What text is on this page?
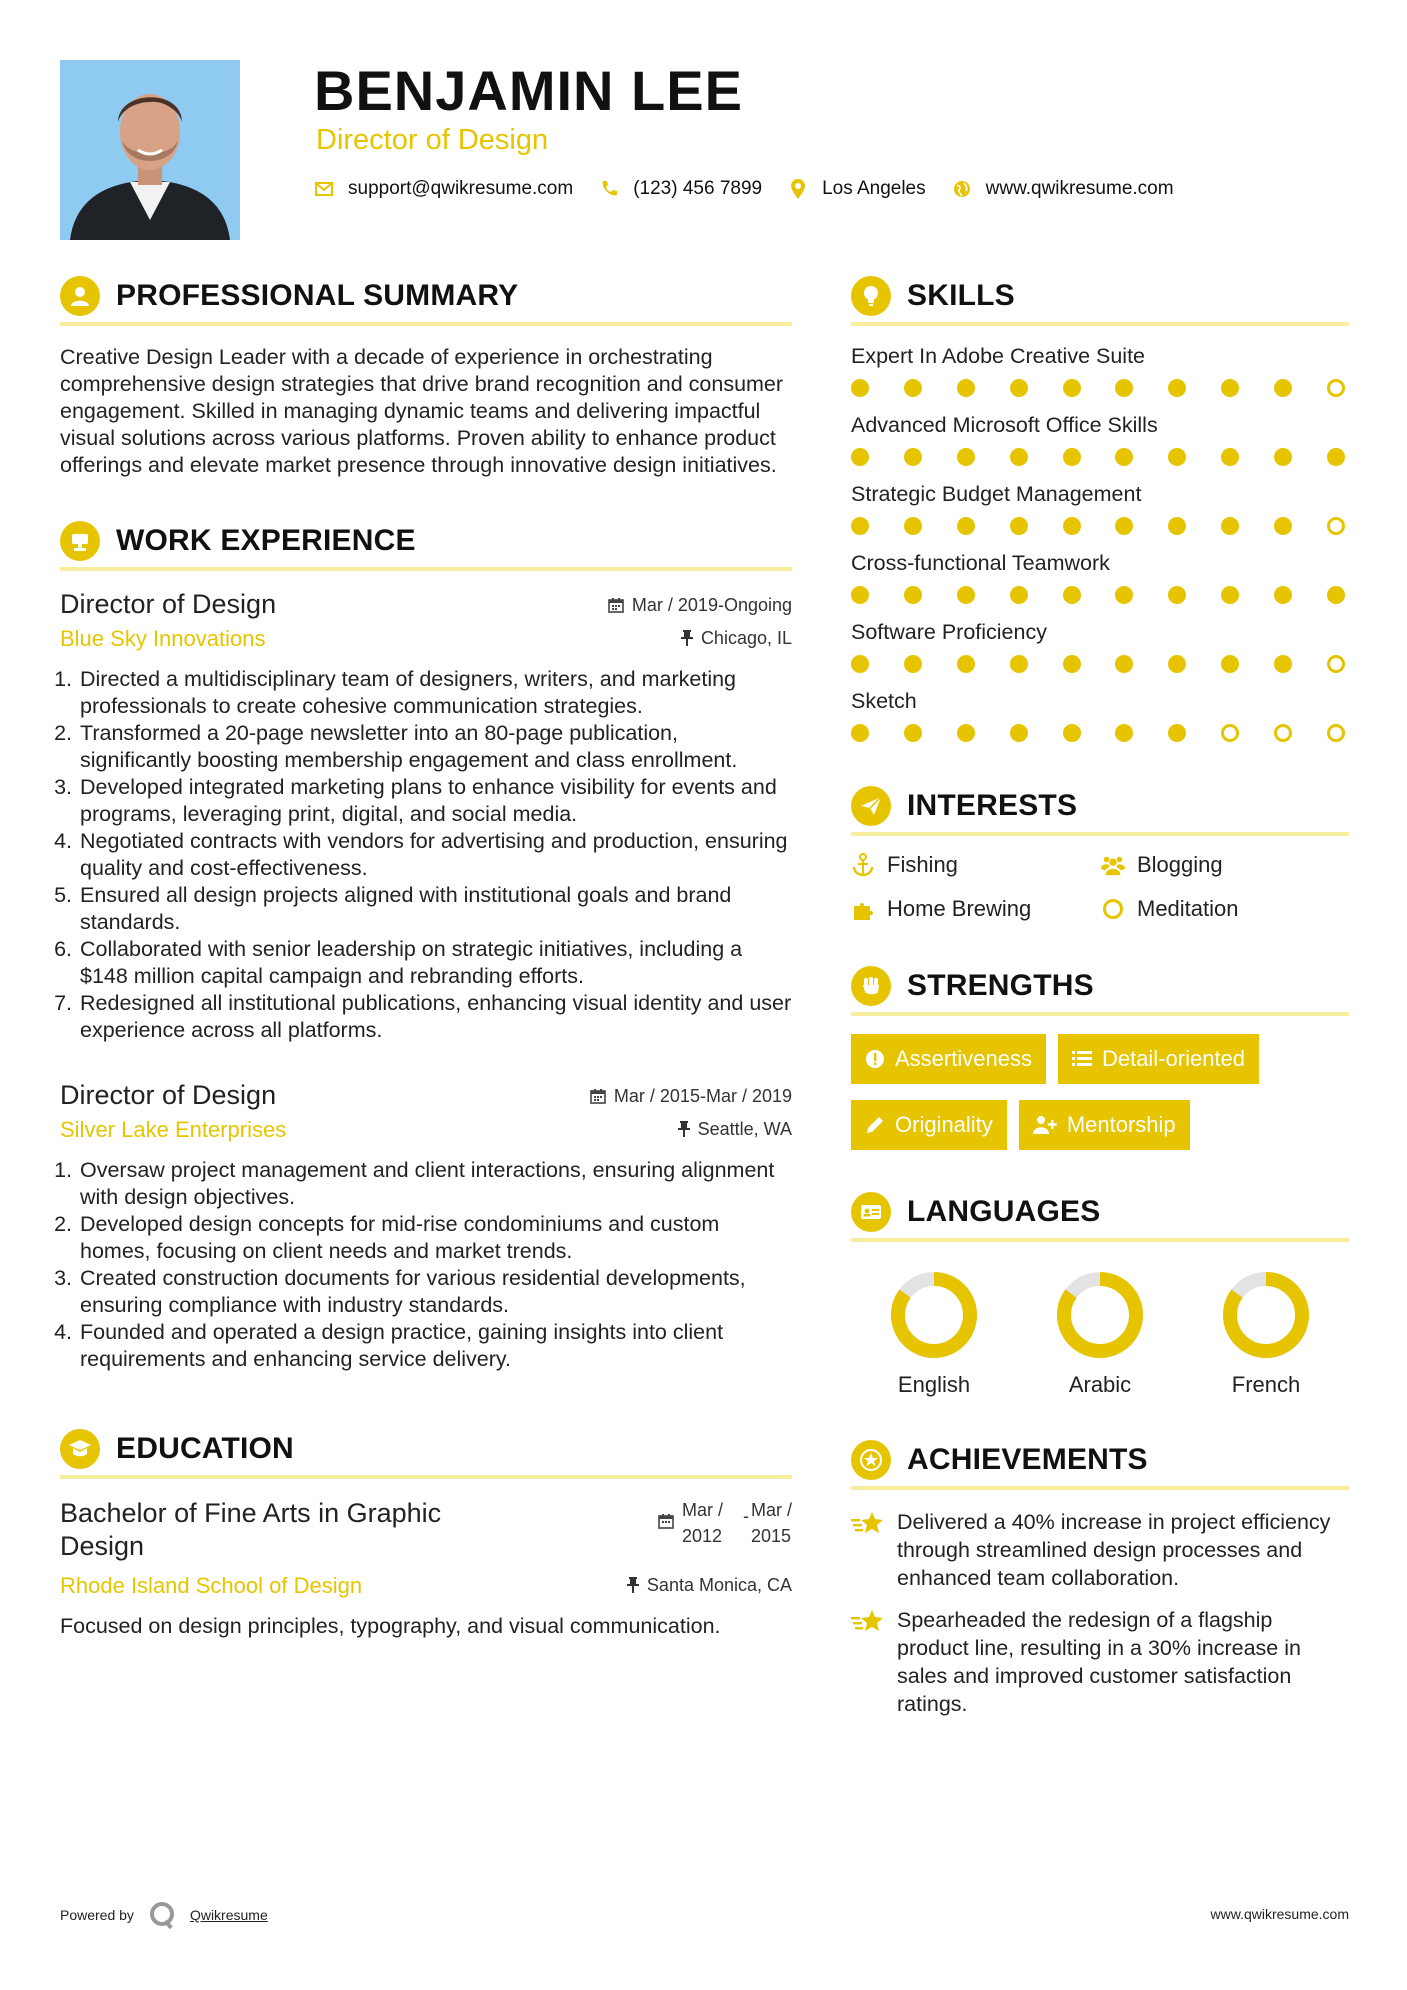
BENJAMIN LEE
Director of Design
support@qwikresume.com	(123) 456 7899	Los Angeles	www.qwikresume.com
PROFESSIONAL SUMMARY
Creative Design Leader with a decade of experience in orchestrating comprehensive design strategies that drive brand recognition and consumer engagement. Skilled in managing dynamic teams and delivering impactful visual solutions across various platforms. Proven ability to enhance product offerings and elevate market presence through innovative design initiatives.
WORK EXPERIENCE
Director of Design	Mar / 2019-Ongoing
Blue Sky Innovations	Chicago, IL
1. Directed a multidisciplinary team of designers, writers, and marketing professionals to create cohesive communication strategies.
2. Transformed a 20-page newsletter into an 80-page publication, significantly boosting membership engagement and class enrollment.
3. Developed integrated marketing plans to enhance visibility for events and programs, leveraging print, digital, and social media.
4. Negotiated contracts with vendors for advertising and production, ensuring quality and cost-effectiveness.
5. Ensured all design projects aligned with institutional goals and brand standards.
6. Collaborated with senior leadership on strategic initiatives, including a $148 million capital campaign and rebranding efforts.
7. Redesigned all institutional publications, enhancing visual identity and user experience across all platforms.
Director of Design	Mar / 2015-Mar / 2019
Silver Lake Enterprises	Seattle, WA
1. Oversaw project management and client interactions, ensuring alignment with design objectives.
2. Developed design concepts for mid-rise condominiums and custom homes, focusing on client needs and market trends.
3. Created construction documents for various residential developments, ensuring compliance with industry standards.
4. Founded and operated a design practice, gaining insights into client requirements and enhancing service delivery.
EDUCATION
Bachelor of Fine Arts in Graphic Design
Mar /
2012
- Mar /
2015
Rhode Island School of Design	Santa Monica, CA
Focused on design principles, typography, and visual communication.
SKILLS
Expert In Adobe Creative Suite
Advanced Microsoft Office Skills
Strategic Budget Management
Cross-functional Teamwork
Software Proficiency
Sketch
INTERESTS
Fishing	Blogging
Home Brewing	Meditation
STRENGTHS
Assertiveness	Detail-oriented
Originality	Mentorship
LANGUAGES
English	Arabic	French
ACHIEVEMENTS
Delivered a 40% increase in project efficiency through streamlined design processes and enhanced team collaboration.
Spearheaded the redesign of a flagship product line, resulting in a 30% increase in sales and improved customer satisfaction ratings.
Powered by	Qwikresume	www.qwikresume.com
